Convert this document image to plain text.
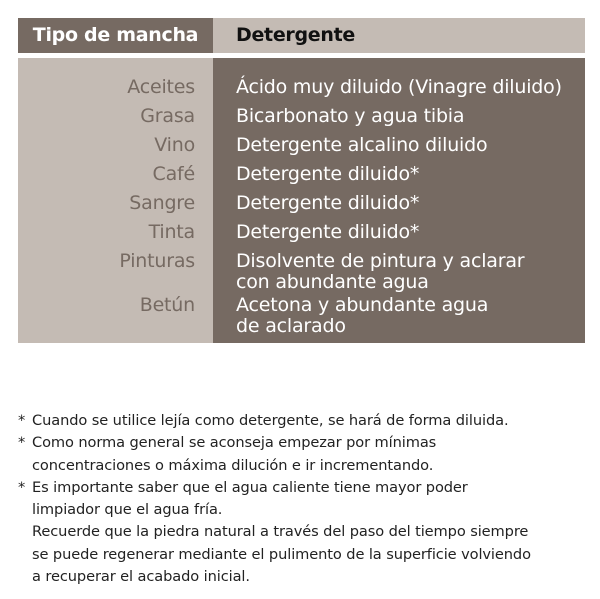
Tipo de mancha	Detergente
Aceites
Grasa
Vino
Café
Sangre
Tinta
Pinturas
Betún
Ácido muy diluido (Vinagre diluido)
Bicarbonato y agua tibia
Detergente alcalino diluido
Detergente diluido*
Detergente diluido*
Detergente diluido*
Disolvente de pintura y aclarar
con abundante agua
Acetona y abundante agua
de aclarado
* Cuando se utilice lejía como detergente, se hará de forma diluida.
* Como norma general se aconseja empezar por mínimas
concentraciones o máxima dilución e ir incrementando.
* Es importante saber que el agua caliente tiene mayor poder
limpiador que el agua fría.
Recuerde que la piedra natural a través del paso del tiempo siempre
se puede regenerar mediante el pulimento de la superficie volviendo
a recuperar el acabado inicial.
